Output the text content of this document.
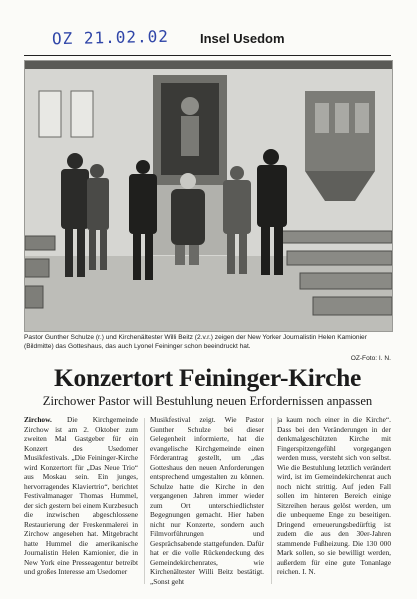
OZ 21.02.02 Insel Usedom
Pastor Gunther Schulze (r.) und Kirchenältester Willi Beitz (2.v.r.) zeigen der New Yorker Journalistin Helen Kamionier (Bildmitte) das Gotteshaus, das auch Lyonel Feininger schon beeindruckt hat.
OZ-Foto: I. N.
Konzertort Feininger-Kirche
Zirchower Pastor will Bestuhlung neuen Erfordernissen anpassen
Zirchow. Die Kirchgemeinde Zirchow ist am 2. Oktober zum zweiten Mal Gastgeber für ein Konzert des Usedomer Musikfestivals. „Die Feininger-Kirche wird Konzertort für „Das Neue Trio“ aus Moskau sein. Ein junges, hervorragendes Klaviertrio“, berichtet Festivalmanager Thomas Hummel, der sich gestern bei einem Kurzbesuch die inzwischen abgeschlossene Restaurierung der Freskenmalerei in Zirchow angesehen hat. Mitgebracht hatte Hummel die amerikanische Journalistin Helen Kamionier, die in New York eine Presseagentur betreibt und großes Interesse am Usedomer
Musikfestival zeigt. Wie Pastor Gunther Schulze bei dieser Gelegenheit informierte, hat die evangelische Kirchgemeinde einen Förderantrag gestellt, um „das Gotteshaus den neuen Anforderungen entsprechend umgestalten zu können. Schulze hatte die Kirche in den vergangenen Jahren immer wieder zum Ort unterschiedlichster Begegnungen gemacht. Hier haben nicht nur Konzerte, sondern auch Filmvorführungen und Gesprächsabende stattgefunden. Dafür hat er die volle Rückendeckung des Gemeindekirchenrates, wie Kirchenältester Willi Beitz bestätigt. „Sonst geht
ja kaum noch einer in die Kirche“. Dass bei den Veränderungen in der denkmalgeschützten Kirche mit Fingerspitzengefühl vorgegangen werden muss, versteht sich von selbst. Wie die Bestuhlung letztlich verändert wird, ist im Gemeindekirchenrat auch noch nicht strittig. Auf jeden Fall sollen im hinteren Bereich einige Sitzreihen heraus gelöst werden, um die unbequeme Enge zu beseitigen. Dringend erneuerungsbedürftig ist zudem die aus den 30er-Jahren stammende Fußheizung. Die 130 000 Mark sollen, so sie bewilligt werden, außerdem für eine gute Tonanlage reichen. I. N.
